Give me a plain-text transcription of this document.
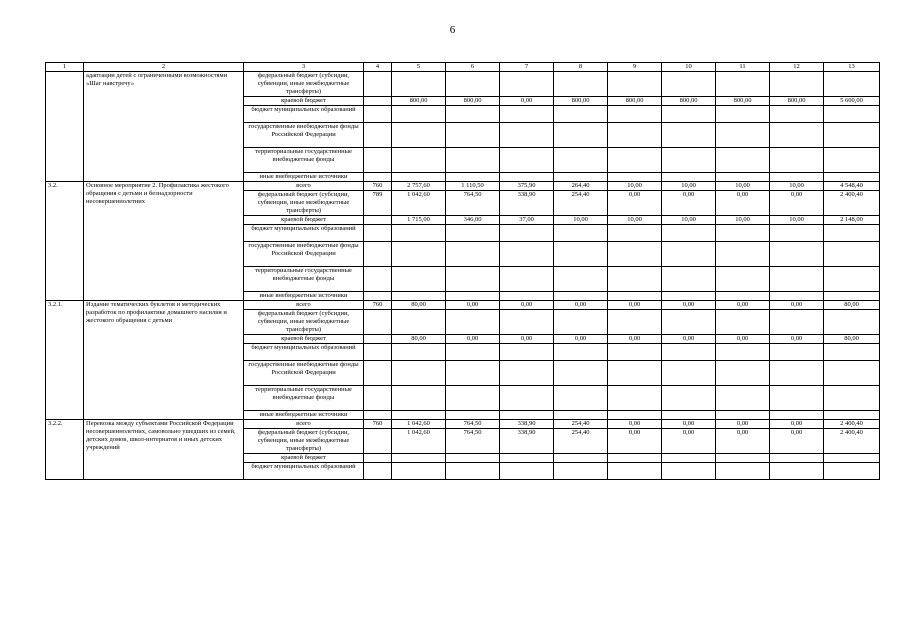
6
1	2	3	4	5	6	7	8	9	10	11	12	13
	адаптации детей с ограниченными возможностями «Шаг навстречу»	федеральный бюджет (субсидии, субвенции, иные межбюджетные трансферты)										
		краевой бюджет		800,00	800,00	0,00	800,00	800,00	800,00	800,00	800,00	5 600,00
		бюджет муниципальных образований										
		государственные внебюджетные фонды Российской Федерации										
		территориальные государственные внебюджетные фонды										
		иные внебюджетные источники										
3.2.	Основное мероприятие 2. Профилактика жестокого обращения с детьми и безнадзорности несовершеннолетних	всего	760	2 757,60	1 110,50	375,90	264,40	10,00	10,00	10,00	10,00	4 548,40
		федеральный бюджет (субсидии, субвенции, иные межбюджетные трансферты)	789	1 042,60	764,50	338,90	254,40	0,00	0,00	0,00	0,00	2 400,40
		краевой бюджет		1 715,00	346,00	37,00	10,00	10,00	10,00	10,00	10,00	2 148,00
		бюджет муниципальных образований										
		государственные внебюджетные фонды Российской Федерации										
		территориальные государственные внебюджетные фонды										
		иные внебюджетные источники										
3.2.1.	Издание тематических буклетов и методических разработок по профилактике домашнего насилия и жестокого обращения с детьми	всего	760	80,00	0,00	0,00	0,00	0,00	0,00	0,00	0,00	80,00
		федеральный бюджет (субсидии, субвенции, иные межбюджетные трансферты)										
		краевой бюджет		80,00	0,00	0,00	0,00	0,00	0,00	0,00	0,00	80,00
		бюджет муниципальных образований										
		государственные внебюджетные фонды Российской Федерации										
		территориальные государственные внебюджетные фонды										
		иные внебюджетные источники										
3.2.2.	Перевозка между субъектами Российской Федерации несовершеннолетних, самовольно ушедших из семей, детских домов, школ-интернатов и иных детских учреждений	всего	760	1 042,60	764,50	338,90	254,40	0,00	0,00	0,00	0,00	2 400,40
		федеральный бюджет (субсидии, субвенции, иные межбюджетные трансферты)		1 042,60	764,50	338,90	254,40	0,00	0,00	0,00	0,00	2 400,40
		краевой бюджет										
		бюджет муниципальных образований										
